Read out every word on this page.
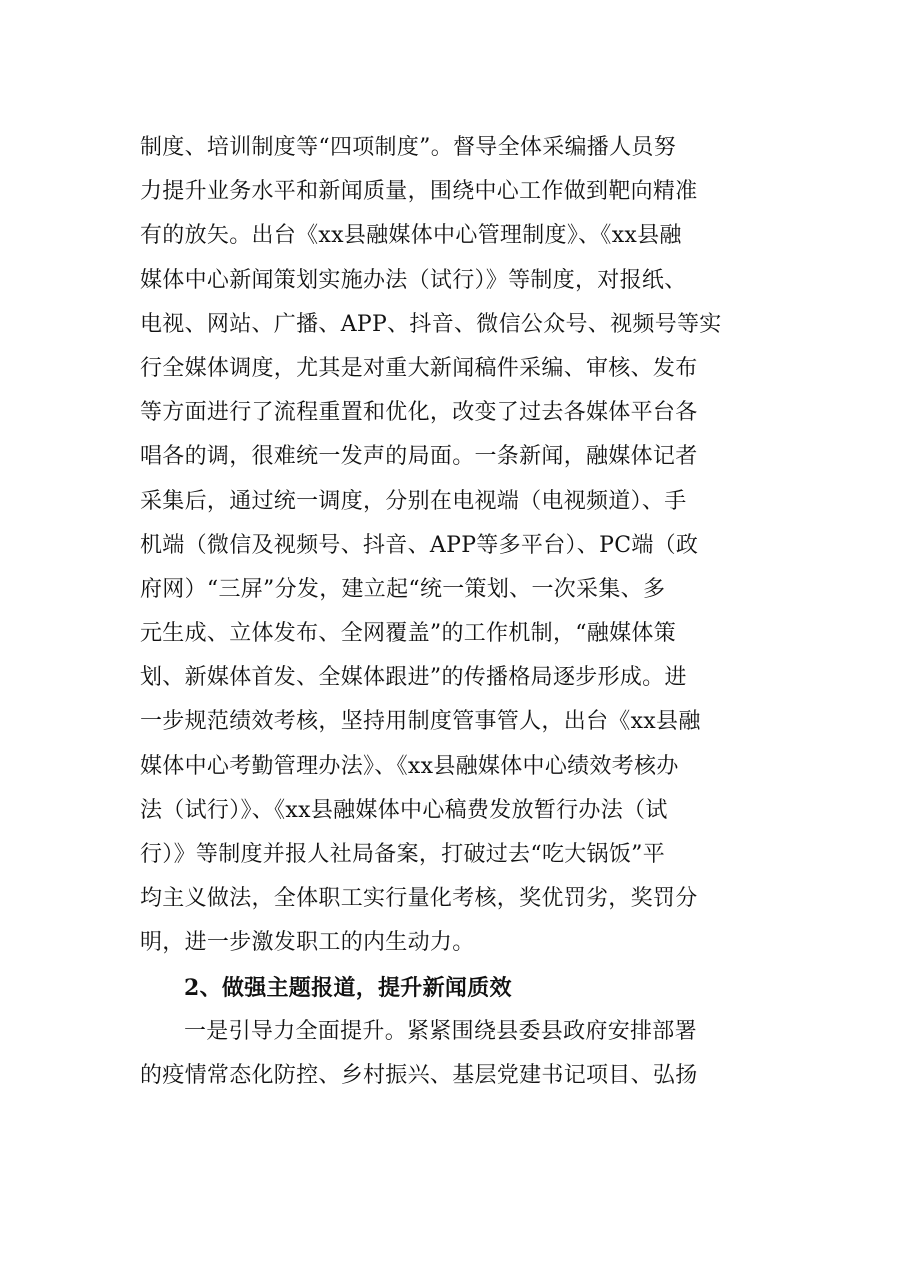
制度、培训制度等“四项制度”。督导全体采编播人员努
力提升业务水平和新闻质量，围绕中心工作做到靶向精准
有的放矢。出台《xx县融媒体中心管理制度》、《xx县融
媒体中心新闻策划实施办法（试行）》等制度，对报纸、
电视、网站、广播、APP、抖音、微信公众号、视频号等实
行全媒体调度，尤其是对重大新闻稿件采编、审核、发布
等方面进行了流程重置和优化，改变了过去各媒体平台各
唱各的调，很难统一发声的局面。一条新闻，融媒体记者
采集后，通过统一调度，分别在电视端（电视频道）、手
机端（微信及视频号、抖音、APP等多平台）、PC端（政
府网）“三屏”分发，建立起“统一策划、一次采集、多
元生成、立体发布、全网覆盖”的工作机制，“融媒体策
划、新媒体首发、全媒体跟进”的传播格局逐步形成。进
一步规范绩效考核，坚持用制度管事管人，出台《xx县融
媒体中心考勤管理办法》、《xx县融媒体中心绩效考核办
法（试行）》、《xx县融媒体中心稿费发放暂行办法（试
行）》等制度并报人社局备案，打破过去“吃大锅饭”平
均主义做法，全体职工实行量化考核，奖优罚劣，奖罚分
明，进一步激发职工的内生动力。
2、做强主题报道，提升新闻质效
一是引导力全面提升。紧紧围绕县委县政府安排部署
的疫情常态化防控、乡村振兴、基层党建书记项目、弘扬
